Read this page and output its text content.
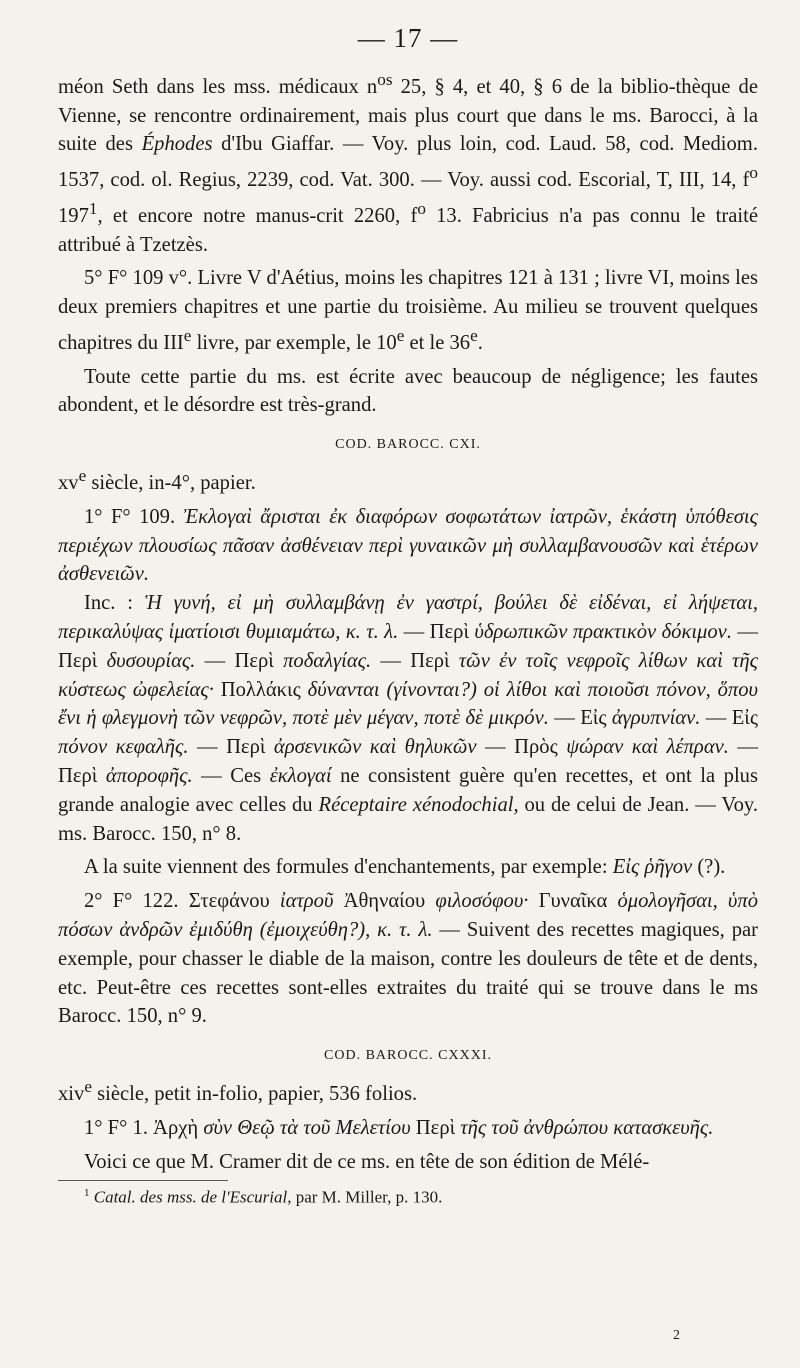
— 17 —

méon Seth dans les mss. médicaux $n^{os}$ 25, § 4, et 40, § 6 de la biblio-thèque de Vienne, se rencontre ordinairement, mais plus court que dans le ms. Barocci, à la suite des Éphodes d'Ibu Giaffar. — Voy. plus loin, cod. Laud. 58, cod. Mediom. 1537, cod. ol. Regius, 2239, cod. Vat. 300. — Voy. aussi cod. Escorial, T, III, 14, $f^o$ $197^1$, et encore notre manus-crit 2260, $f^o$ 13. Fabricius n'a pas connu le traité attribué à Tzetzès.

5° F° 109 v°. Livre V d'Aétius, moins les chapitres 121 à 131 ; livre VI, moins les deux premiers chapitres et une partie du troisième. Au milieu se trouvent quelques chapitres du IIIe livre, par exemple, le 10e et le 36e.

Toute cette partie du ms. est écrite avec beaucoup de négligence; les fautes abondent, et le désordre est très-grand.

COD. BAROCC. CXI.

$xv^e$ siècle, in-4°, papier.

1° F° 109. Ἐκλογαὶ ἄρισται ἐκ διαφόρων σοφωτάτων ἰατρῶν, ἑκάστη ὑπόθεσις περιέχων πλουσίως πᾶσαν ἀσθένειαν περὶ γυναικῶν μὴ συλλαμβανουσῶν καὶ ἑτέρων ἀσθενειῶν.

Inc. : Ἡ γυνή, εἰ μὴ συλλαμβάνῃ ἐν γαστρί, βούλει δὲ εἰδέναι, εἰ λήψεται, περικαλύψας ἱματίοισι θυμιαμάτω, κ. τ. λ. — Περὶ ὑδρωπικῶν πρακτικὸν δόκιμον. — Περὶ δυσουρίας. — Περὶ ποδαλγίας. — Περὶ τῶν ἐν τοῖς νεφροῖς λίθων καὶ τῆς κύστεως ὠφελείας· Πολλάκις δύνανται (γίνονται?) οἱ λίθοι καὶ ποιοῦσι πόνον, ὅπου ἔνι ἡ φλεγμονὴ τῶν νεφρῶν, ποτὲ μὲν μέγαν, ποτὲ δὲ μικρόν. — Εἰς ἀγρυπνίαν. — Εἰς πόνον κεφαλῆς. — Περὶ ἀρσενικῶν καὶ θηλυκῶν — Πρὸς ψώραν καὶ λέπραν. — Περὶ ἀποροφῆς. — Ces ἐκλογαί ne consistent guère qu'en recettes, et ont la plus grande analogie avec celles du Réceptaire xénodochial, ou de celui de Jean. — Voy. ms. Barocc. 150, n° 8.

A la suite viennent des formules d'enchantements, par exemple: Εἰς ῥῆγον (?).

2° F° 122. Στεφάνου ἰατροῦ Ἀθηναίου φιλοσόφου· Γυναῖκα ὁμολογῆσαι, ὑπὸ πόσων ἀνδρῶν ἐμιδύθη (ἐμοιχεύθη?), κ. τ. λ. — Suivent des recettes magiques, par exemple, pour chasser le diable de la maison, contre les douleurs de tête et de dents, etc. Peut-être ces recettes sont-elles extraites du traité qui se trouve dans le ms Barocc. 150, n° 9.

COD. BAROCC. CXXXI.

xiv$^e$ siècle, petit in-folio, papier, 536 folios.

1° F° 1. Ἀρχὴ σὺν Θεῷ τὰ τοῦ Μελετίου Περὶ τῆς τοῦ ἀνθρώπου κατασκευῆς.

Voici ce que M. Cramer dit de ce ms. en tête de son édition de Mélé-

$^1$ Catal. des mss. de l'Escurial, par M. Miller, p. 130.

2
